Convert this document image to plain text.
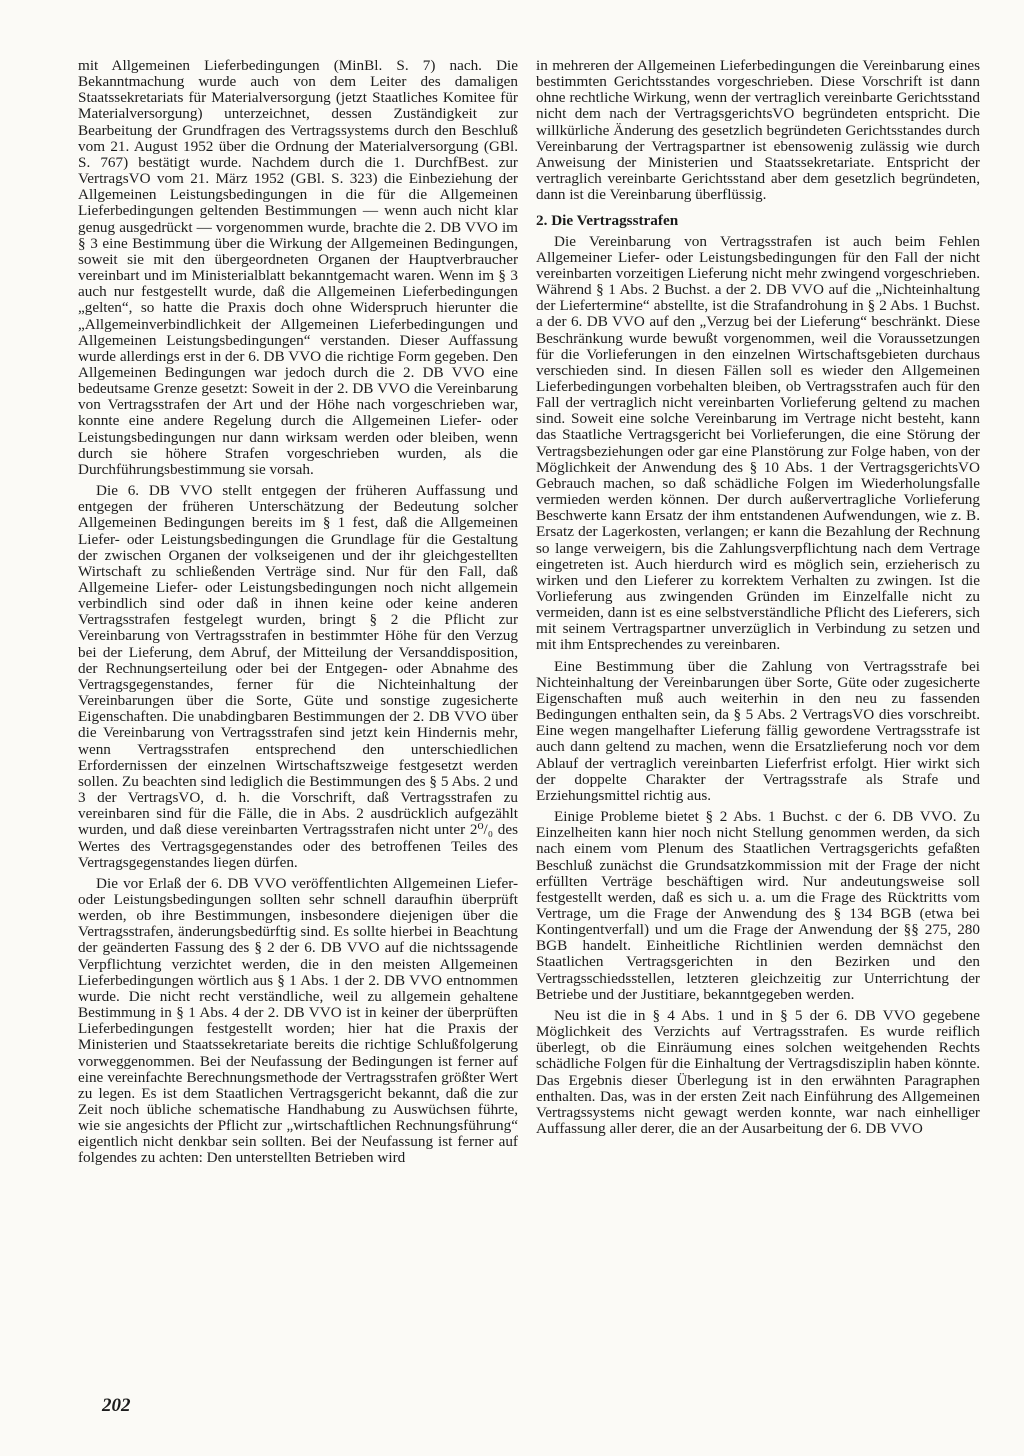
mit Allgemeinen Lieferbedingungen (MinBl. S. 7) nach. Die Bekanntmachung wurde auch von dem Leiter des damaligen Staatssekretariats für Materialversorgung (jetzt Staatliches Komitee für Materialversorgung) unterzeichnet, dessen Zuständigkeit zur Bearbeitung der Grundfragen des Vertragssystems durch den Beschluß vom 21. August 1952 über die Ordnung der Materialversorgung (GBl. S. 767) bestätigt wurde. Nachdem durch die 1. DurchfBest. zur VertragsVO vom 21. März 1952 (GBl. S. 323) die Einbeziehung der Allgemeinen Leistungsbedingungen in die für die Allgemeinen Lieferbedingungen geltenden Bestimmungen — wenn auch nicht klar genug ausgedrückt — vorgenommen wurde, brachte die 2. DB VVO im § 3 eine Bestimmung über die Wirkung der Allgemeinen Bedingungen, soweit sie mit den übergeordneten Organen der Hauptverbraucher vereinbart und im Ministerialblatt bekanntgemacht waren. Wenn im § 3 auch nur festgestellt wurde, daß die Allgemeinen Lieferbedingungen „gelten“, so hatte die Praxis doch ohne Widerspruch hierunter die „Allgemeinverbindlichkeit der Allgemeinen Lieferbedingungen und Allgemeinen Leistungsbedingungen“ verstanden. Dieser Auffassung wurde allerdings erst in der 6. DB VVO die richtige Form gegeben. Den Allgemeinen Bedingungen war jedoch durch die 2. DB VVO eine bedeutsame Grenze gesetzt: Soweit in der 2. DB VVO die Vereinbarung von Vertragsstrafen der Art und der Höhe nach vorgeschrieben war, konnte eine andere Regelung durch die Allgemeinen Liefer- oder Leistungsbedingungen nur dann wirksam werden oder bleiben, wenn durch sie höhere Strafen vorgeschrieben wurden, als die Durchführungsbestimmung sie vorsah.

Die 6. DB VVO stellt entgegen der früheren Auffassung und entgegen der früheren Unterschätzung der Bedeutung solcher Allgemeinen Bedingungen bereits im § 1 fest, daß die Allgemeinen Liefer- oder Leistungsbedingungen die Grundlage für die Gestaltung der zwischen Organen der volkseigenen und der ihr gleichgestellten Wirtschaft zu schließenden Verträge sind. Nur für den Fall, daß Allgemeine Liefer- oder Leistungsbedingungen noch nicht allgemein verbindlich sind oder daß in ihnen keine oder keine anderen Vertragsstrafen festgelegt wurden, bringt § 2 die Pflicht zur Vereinbarung von Vertragsstrafen in bestimmter Höhe für den Verzug bei der Lieferung, dem Abruf, der Mitteilung der Versanddisposition, der Rechnungserteilung oder bei der Entgegen- oder Abnahme des Vertragsgegenstandes, ferner für die Nichteinhaltung der Vereinbarungen über die Sorte, Güte und sonstige zugesicherte Eigenschaften. Die unabdingbaren Bestimmungen der 2. DB VVO über die Vereinbarung von Vertragsstrafen sind jetzt kein Hindernis mehr, wenn Vertragsstrafen entsprechend den unterschiedlichen Erfordernissen der einzelnen Wirtschaftszweige festgesetzt werden sollen. Zu beachten sind lediglich die Bestimmungen des § 5 Abs. 2 und 3 der VertragsVO, d. h. die Vorschrift, daß Vertragsstrafen zu vereinbaren sind für die Fälle, die in Abs. 2 ausdrücklich aufgezählt wurden, und daß diese vereinbarten Vertragsstrafen nicht unter 2⁰/₀ des Wertes des Vertragsgegenstandes oder des betroffenen Teiles des Vertragsgegenstandes liegen dürfen.

Die vor Erlaß der 6. DB VVO veröffentlichten Allgemeinen Liefer- oder Leistungsbedingungen sollten sehr schnell daraufhin überprüft werden, ob ihre Bestimmungen, insbesondere diejenigen über die Vertragsstrafen, änderungsbedürftig sind. Es sollte hierbei in Beachtung der geänderten Fassung des § 2 der 6. DB VVO auf die nichtssagende Verpflichtung verzichtet werden, die in den meisten Allgemeinen Lieferbedingungen wörtlich aus § 1 Abs. 1 der 2. DB VVO entnommen wurde. Die nicht recht verständliche, weil zu allgemein gehaltene Bestimmung in § 1 Abs. 4 der 2. DB VVO ist in keiner der überprüften Lieferbedingungen festgestellt worden; hier hat die Praxis der Ministerien und Staatssekretariate bereits die richtige Schlußfolgerung vorweggenommen. Bei der Neufassung der Bedingungen ist ferner auf eine vereinfachte Berechnungsmethode der Vertragsstrafen größter Wert zu legen. Es ist dem Staatlichen Vertragsgericht bekannt, daß die zur Zeit noch übliche schematische Handhabung zu Auswüchsen führte, wie sie angesichts der Pflicht zur „wirtschaftlichen Rechnungsführung“ eigentlich nicht denkbar sein sollten. Bei der Neufassung ist ferner auf folgendes zu achten: Den unterstellten Betrieben wird

in mehreren der Allgemeinen Lieferbedingungen die Vereinbarung eines bestimmten Gerichtsstandes vorgeschrieben. Diese Vorschrift ist dann ohne rechtliche Wirkung, wenn der vertraglich vereinbarte Gerichtsstand nicht dem nach der VertragsgerichtsVO begründeten entspricht. Die willkürliche Änderung des gesetzlich begründeten Gerichtsstandes durch Vereinbarung der Vertragspartner ist ebensowenig zulässig wie durch Anweisung der Ministerien und Staatssekretariate. Entspricht der vertraglich vereinbarte Gerichtsstand aber dem gesetzlich begründeten, dann ist die Vereinbarung überflüssig.

2. Die Vertragsstrafen

Die Vereinbarung von Vertragsstrafen ist auch beim Fehlen Allgemeiner Liefer- oder Leistungsbedingungen für den Fall der nicht vereinbarten vorzeitigen Lieferung nicht mehr zwingend vorgeschrieben. Während § 1 Abs. 2 Buchst. a der 2. DB VVO auf die „Nichteinhaltung der Liefertermine“ abstellte, ist die Strafandrohung in § 2 Abs. 1 Buchst. a der 6. DB VVO auf den „Verzug bei der Lieferung“ beschränkt. Diese Beschränkung wurde bewußt vorgenommen, weil die Voraussetzungen für die Vorlieferungen in den einzelnen Wirtschaftsgebieten durchaus verschieden sind. In diesen Fällen soll es wieder den Allgemeinen Lieferbedingungen vorbehalten bleiben, ob Vertragsstrafen auch für den Fall der vertraglich nicht vereinbarten Vorlieferung geltend zu machen sind. Soweit eine solche Vereinbarung im Vertrage nicht besteht, kann das Staatliche Vertragsgericht bei Vorlieferungen, die eine Störung der Vertragsbeziehungen oder gar eine Planstörung zur Folge haben, von der Möglichkeit der Anwendung des § 10 Abs. 1 der VertragsgerichtsVO Gebrauch machen, so daß schädliche Folgen im Wiederholungsfalle vermieden werden können. Der durch außervertragliche Vorlieferung Beschwerte kann Ersatz der ihm entstandenen Aufwendungen, wie z. B. Ersatz der Lagerkosten, verlangen; er kann die Bezahlung der Rechnung so lange verweigern, bis die Zahlungsverpflichtung nach dem Vertrage eingetreten ist. Auch hierdurch wird es möglich sein, erzieherisch zu wirken und den Lieferer zu korrektem Verhalten zu zwingen. Ist die Vorlieferung aus zwingenden Gründen im Einzelfalle nicht zu vermeiden, dann ist es eine selbstverständliche Pflicht des Lieferers, sich mit seinem Vertragspartner unverzüglich in Verbindung zu setzen und mit ihm Entsprechendes zu vereinbaren.

Eine Bestimmung über die Zahlung von Vertragsstrafe bei Nichteinhaltung der Vereinbarungen über Sorte, Güte oder zugesicherte Eigenschaften muß auch weiterhin in den neu zu fassenden Bedingungen enthalten sein, da § 5 Abs. 2 VertragsVO dies vorschreibt. Eine wegen mangelhafter Lieferung fällig gewordene Vertragsstrafe ist auch dann geltend zu machen, wenn die Ersatzlieferung noch vor dem Ablauf der vertraglich vereinbarten Lieferfrist erfolgt. Hier wirkt sich der doppelte Charakter der Vertragsstrafe als Strafe und Erziehungsmittel richtig aus.

Einige Probleme bietet § 2 Abs. 1 Buchst. c der 6. DB VVO. Zu Einzelheiten kann hier noch nicht Stellung genommen werden, da sich nach einem vom Plenum des Staatlichen Vertragsgerichts gefaßten Beschluß zunächst die Grundsatzkommission mit der Frage der nicht erfüllten Verträge beschäftigen wird. Nur andeutungsweise soll festgestellt werden, daß es sich u. a. um die Frage des Rücktritts vom Vertrage, um die Frage der Anwendung des § 134 BGB (etwa bei Kontingentverfall) und um die Frage der Anwendung der §§ 275, 280 BGB handelt. Einheitliche Richtlinien werden demnächst den Staatlichen Vertragsgerichten in den Bezirken und den Vertragsschiedsstellen, letzteren gleichzeitig zur Unterrichtung der Betriebe und der Justitiare, bekanntgegeben werden.

Neu ist die in § 4 Abs. 1 und in § 5 der 6. DB VVO gegebene Möglichkeit des Verzichts auf Vertragsstrafen. Es wurde reiflich überlegt, ob die Einräumung eines solchen weitgehenden Rechts schädliche Folgen für die Einhaltung der Vertragsdisziplin haben könnte. Das Ergebnis dieser Überlegung ist in den erwähnten Paragraphen enthalten. Das, was in der ersten Zeit nach Einführung des Allgemeinen Vertragssystems nicht gewagt werden konnte, war nach einhelliger Auffassung aller derer, die an der Ausarbeitung der 6. DB VVO

202
